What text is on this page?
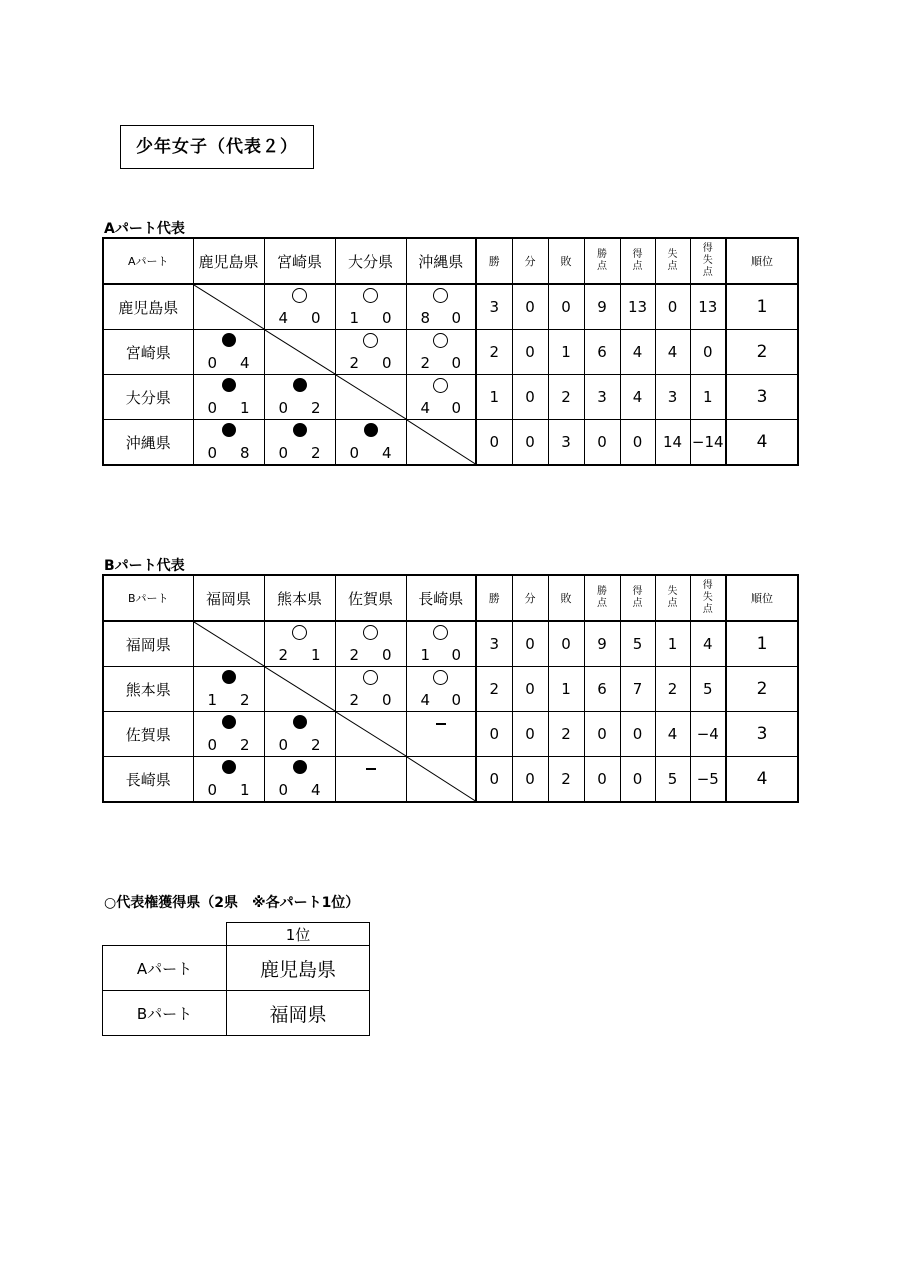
少年女子（代表２）
Aパート代表
Aパート	鹿児島県	宮崎県	大分県	沖縄県	勝	分	敗	勝点	得点	失点	得失点	順位
鹿児島県		4 0	1 0	8 0	3	0	0	9	13	0	13	1
宮崎県	0 4		2 0	2 0	2	0	1	6	4	4	0	2
大分県	0 1	0 2		4 0	1	0	2	3	4	3	1	3
沖縄県	0 8	0 2	0 4		0	0	3	0	0	14	−14	4
Bパート代表
Bパート	福岡県	熊本県	佐賀県	長崎県	勝	分	敗	勝点	得点	失点	得失点	順位
福岡県		2 1	2 0	1 0	3	0	0	9	5	1	4	1
熊本県	1 2		2 0	4 0	2	0	1	6	7	2	5	2
佐賀県	0 2	0 2			0	0	2	0	0	4	−4	3
長崎県	0 1	0 4			0	0	2	0	0	5	−5	4
○代表権獲得県（2県　※各パート1位）
	1位
Aパート	鹿児島県
Bパート	福岡県
